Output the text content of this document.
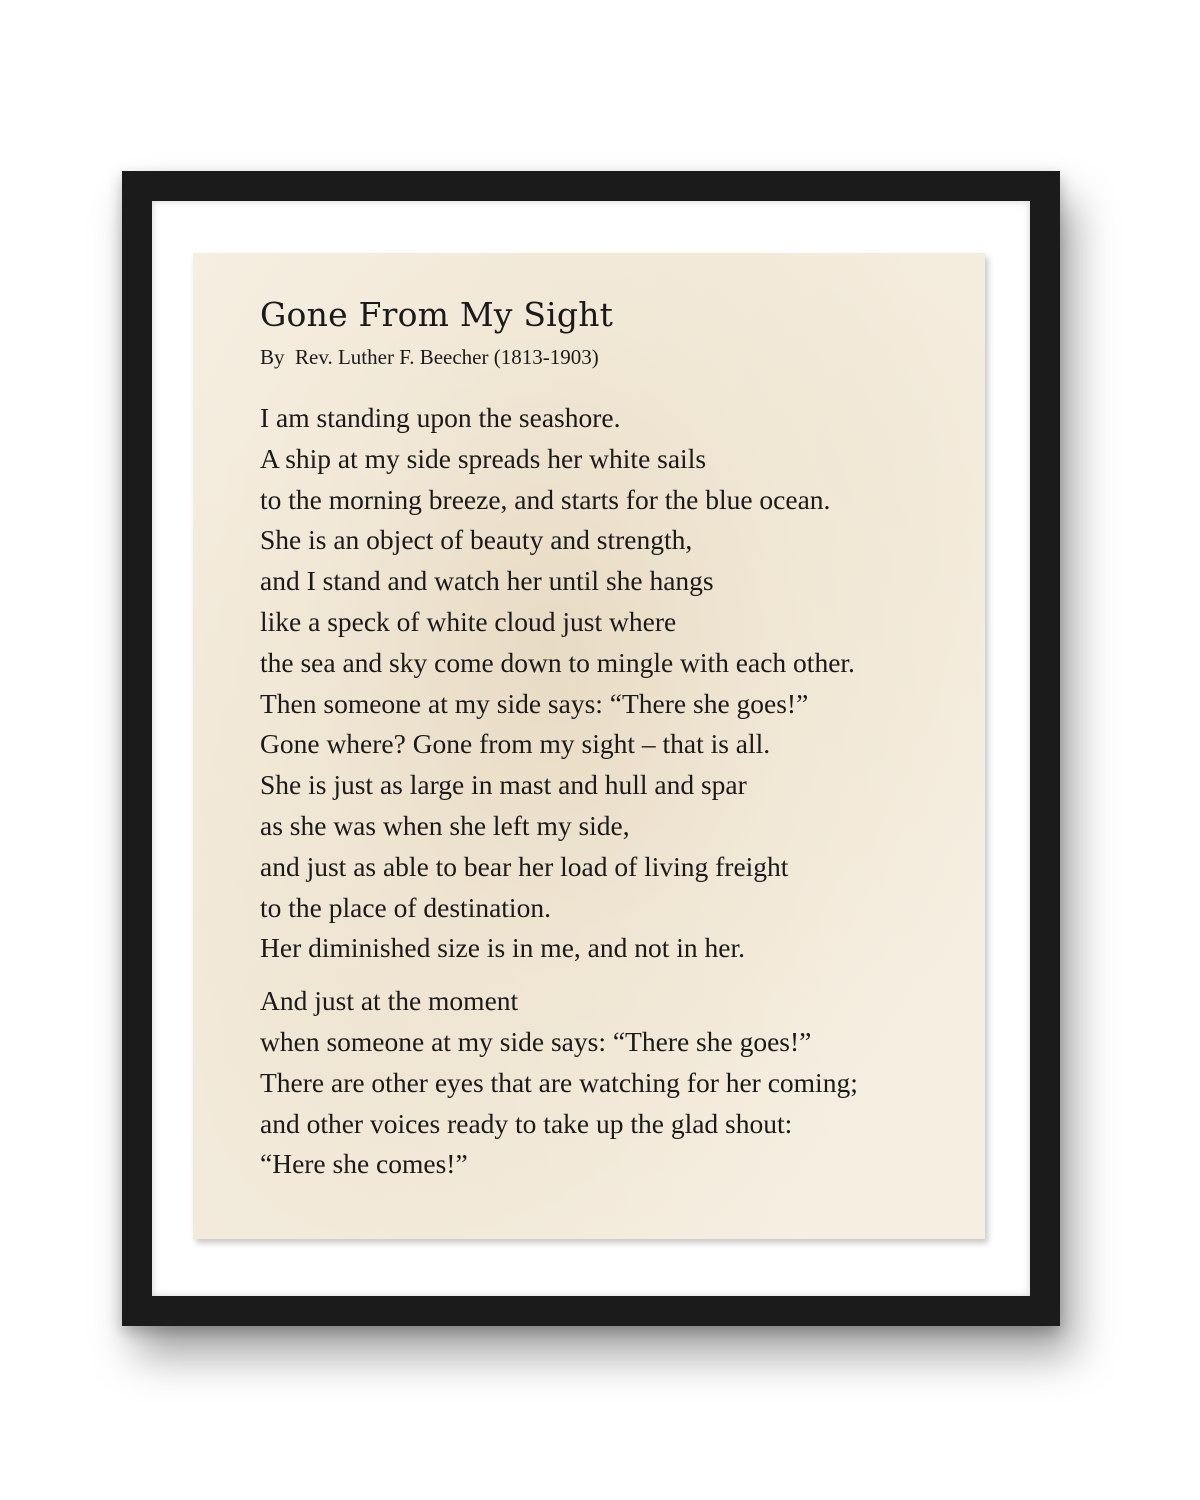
Gone From My Sight
By  Rev. Luther F. Beecher (1813-1903)
I am standing upon the seashore.
A ship at my side spreads her white sails
to the morning breeze, and starts for the blue ocean.
She is an object of beauty and strength,
and I stand and watch her until she hangs
like a speck of white cloud just where
the sea and sky come down to mingle with each other.
Then someone at my side says: “There she goes!”
Gone where? Gone from my sight – that is all.
She is just as large in mast and hull and spar
as she was when she left my side,
and just as able to bear her load of living freight
to the place of destination.
Her diminished size is in me, and not in her.
And just at the moment
when someone at my side says: “There she goes!”
There are other eyes that are watching for her coming;
and other voices ready to take up the glad shout:
“Here she comes!”
